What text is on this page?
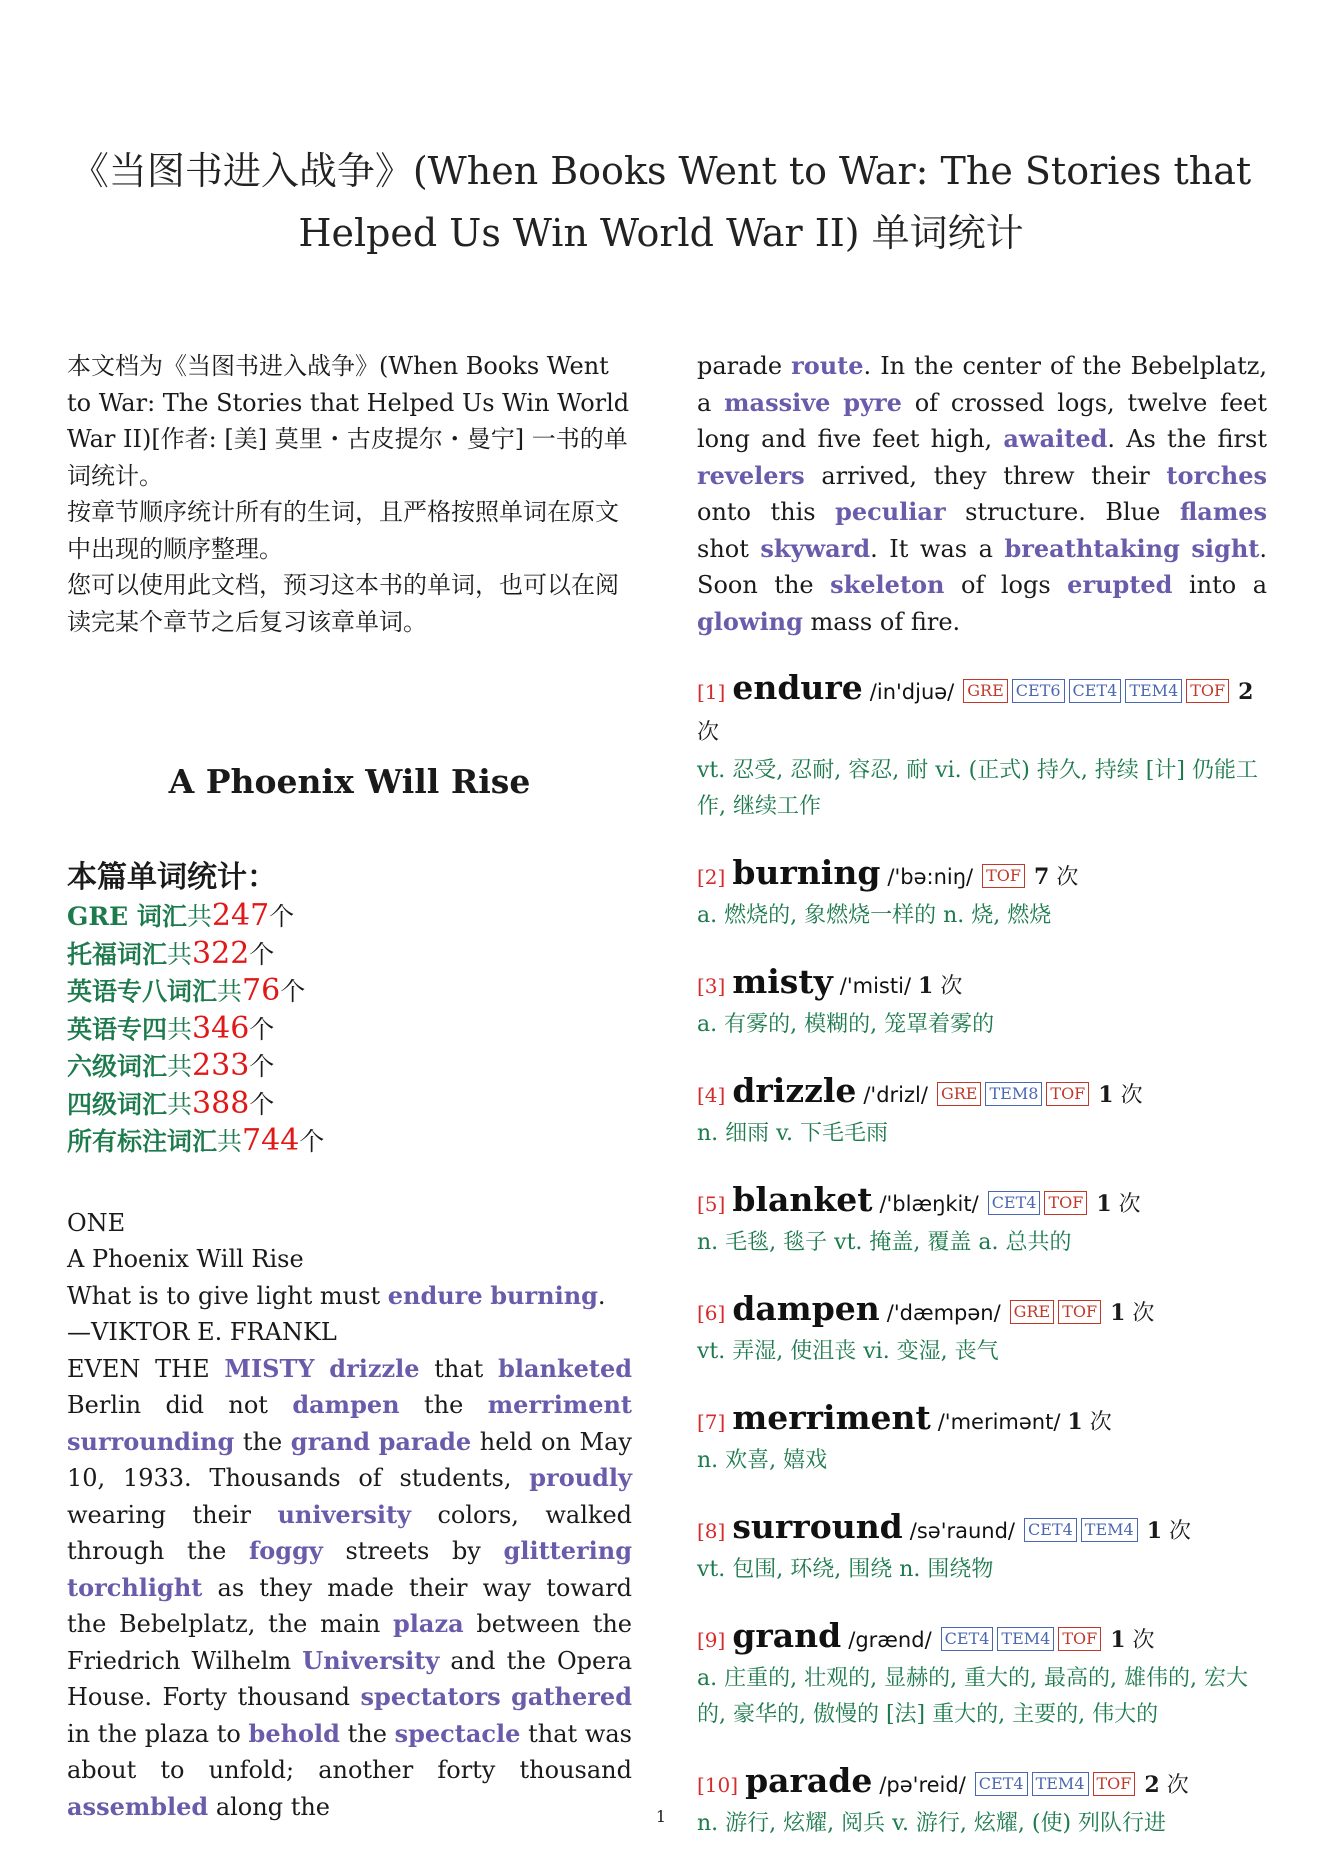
《当图书进入战争》(When Books Went to War: The Stories that
Helped Us Win World War II) 单词统计
本文档为《当图书进入战争》(When Books Went to War: The Stories that Helped Us Win World War II)[作者: [美] 莫里・古皮提尔・曼宁] 一书的单词统计。
按章节顺序统计所有的生词，且严格按照单词在原文中出现的顺序整理。
您可以使用此文档，预习这本书的单词，也可以在阅读完某个章节之后复习该章单词。
A Phoenix Will Rise
本篇单词统计：
GRE 词汇共247个
托福词汇共322个
英语专八词汇共76个
英语专四共346个
六级词汇共233个
四级词汇共388个
所有标注词汇共744个
ONE
A Phoenix Will Rise
What is to give light must endure burning.
—VIKTOR E. FRANKL
EVEN THE MISTY drizzle that blanketed Berlin did not dampen the merriment surrounding the grand parade held on May 10, 1933. Thousands of students, proudly wearing their university colors, walked through the foggy streets by glittering torchlight as they made their way toward the Bebelplatz, the main plaza between the Friedrich Wilhelm University and the Opera House. Forty thousand spectators gathered in the plaza to behold the spectacle that was about to unfold; another forty thousand assembled along the
parade route. In the center of the Bebelplatz, a massive pyre of crossed logs, twelve feet long and five feet high, awaited. As the first revelers arrived, they threw their torches onto this peculiar structure. Blue flames shot skyward. It was a breathtaking sight. Soon the skeleton of logs erupted into a glowing mass of fire.
[1] endure /in'djuə/ GRE CET6 CET4 TEM4 TOF 2 次
vt. 忍受, 忍耐, 容忍, 耐 vi. (正式) 持久, 持续 [计] 仍能工作, 继续工作
[2] burning /'bə:niŋ/ TOF 7 次
a. 燃烧的, 象燃烧一样的 n. 烧, 燃烧
[3] misty /'misti/ 1 次
a. 有雾的, 模糊的, 笼罩着雾的
[4] drizzle /'drizl/ GRE TEM8 TOF 1 次
n. 细雨 v. 下毛毛雨
[5] blanket /'blæŋkit/ CET4 TOF 1 次
n. 毛毯, 毯子 vt. 掩盖, 覆盖 a. 总共的
[6] dampen /'dæmpən/ GRE TOF 1 次
vt. 弄湿, 使沮丧 vi. 变湿, 丧气
[7] merriment /'merimənt/ 1 次
n. 欢喜, 嬉戏
[8] surround /sə'raund/ CET4 TEM4 1 次
vt. 包围, 环绕, 围绕 n. 围绕物
[9] grand /grænd/ CET4 TEM4 TOF 1 次
a. 庄重的, 壮观的, 显赫的, 重大的, 最高的, 雄伟的, 宏大的, 豪华的, 傲慢的 [法] 重大的, 主要的, 伟大的
[10] parade /pə'reid/ CET4 TEM4 TOF 2 次
n. 游行, 炫耀, 阅兵 v. 游行, 炫耀, (使) 列队行进
1
